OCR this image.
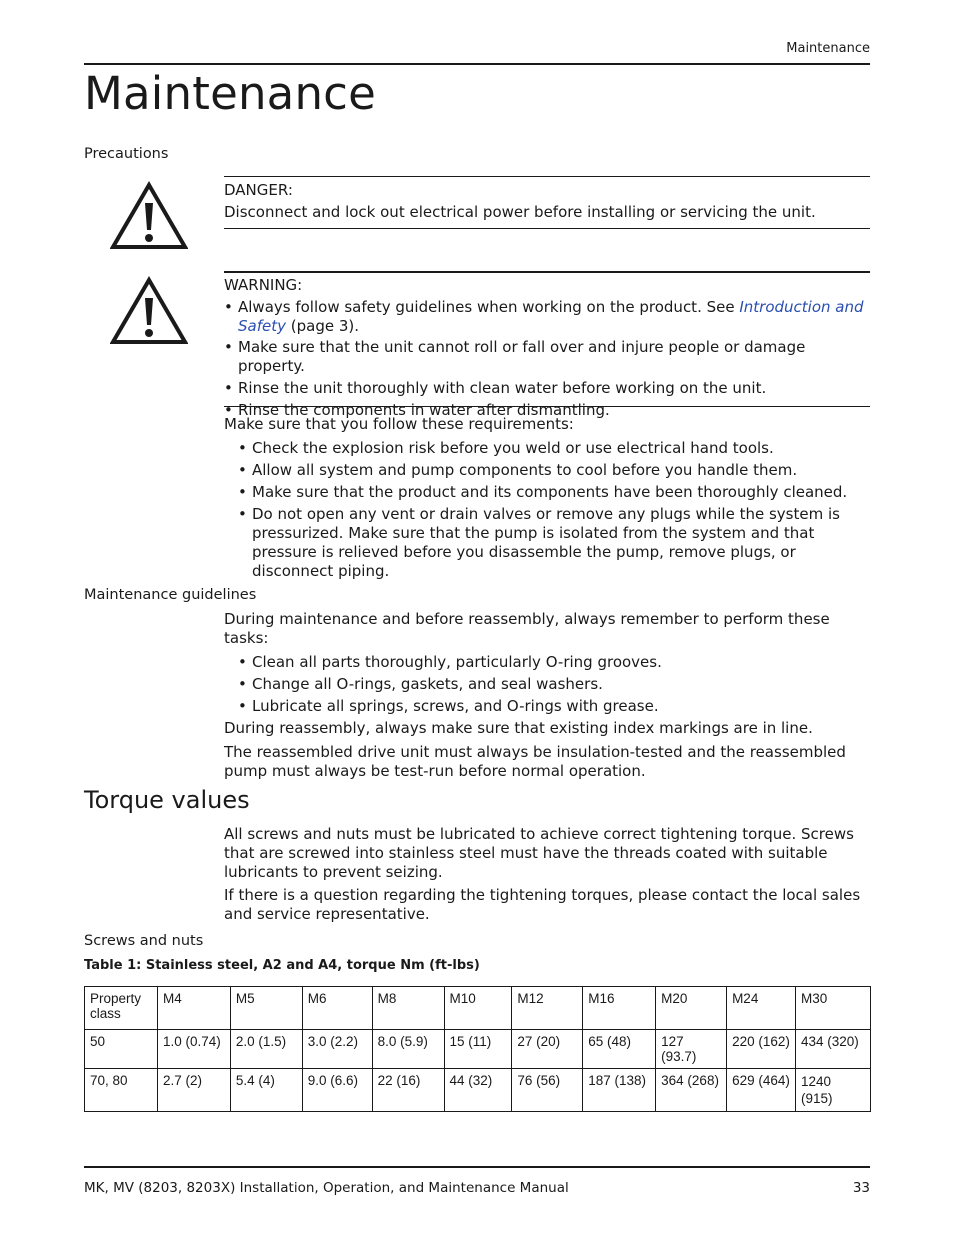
Maintenance
Maintenance
Precautions

DANGER:

Disconnect and lock out electrical power before installing or servicing the unit.

WARNING:

• Always follow safety guidelines when working on the product. See Introduction and Safety (page 3).
• Make sure that the unit cannot roll or fall over and injure people or damage property.
• Rinse the unit thoroughly with clean water before working on the unit.
• Rinse the components in water after dismantling.

Make sure that you follow these requirements:

• Check the explosion risk before you weld or use electrical hand tools.
• Allow all system and pump components to cool before you handle them.
• Make sure that the product and its components have been thoroughly cleaned.
• Do not open any vent or drain valves or remove any plugs while the system is pressurized. Make sure that the pump is isolated from the system and that pressure is relieved before you disassemble the pump, remove plugs, or disconnect piping.
Maintenance guidelines

During maintenance and before reassembly, always remember to perform these tasks:

• Clean all parts thoroughly, particularly O-ring grooves.
• Change all O-rings, gaskets, and seal washers.
• Lubricate all springs, screws, and O-rings with grease.

During reassembly, always make sure that existing index markings are in line.

The reassembled drive unit must always be insulation-tested and the reassembled pump must always be test-run before normal operation.

Torque values

All screws and nuts must be lubricated to achieve correct tightening torque. Screws that are screwed into stainless steel must have the threads coated with suitable lubricants to prevent seizing.

If there is a question regarding the tightening torques, please contact the local sales and service representative.

Screws and nuts
Table 1: Stainless steel, A2 and A4, torque Nm (ft-lbs)
Property class	M4	M5	M6	M8	M10	M12	M16	M20	M24	M30
50	1.0 (0.74)	2.0 (1.5)	3.0 (2.2)	8.0 (5.9)	15 (11)	27 (20)	65 (48)	127 (93.7)	220 (162)	434 (320)
70, 80	2.7 (2)	5.4 (4)	9.0 (6.6)	22 (16)	44 (32)	76 (56)	187 (138)	364 (268)	629 (464)	1240 (915)
MK, MV (8203, 8203X) Installation, Operation, and Maintenance Manual	33
